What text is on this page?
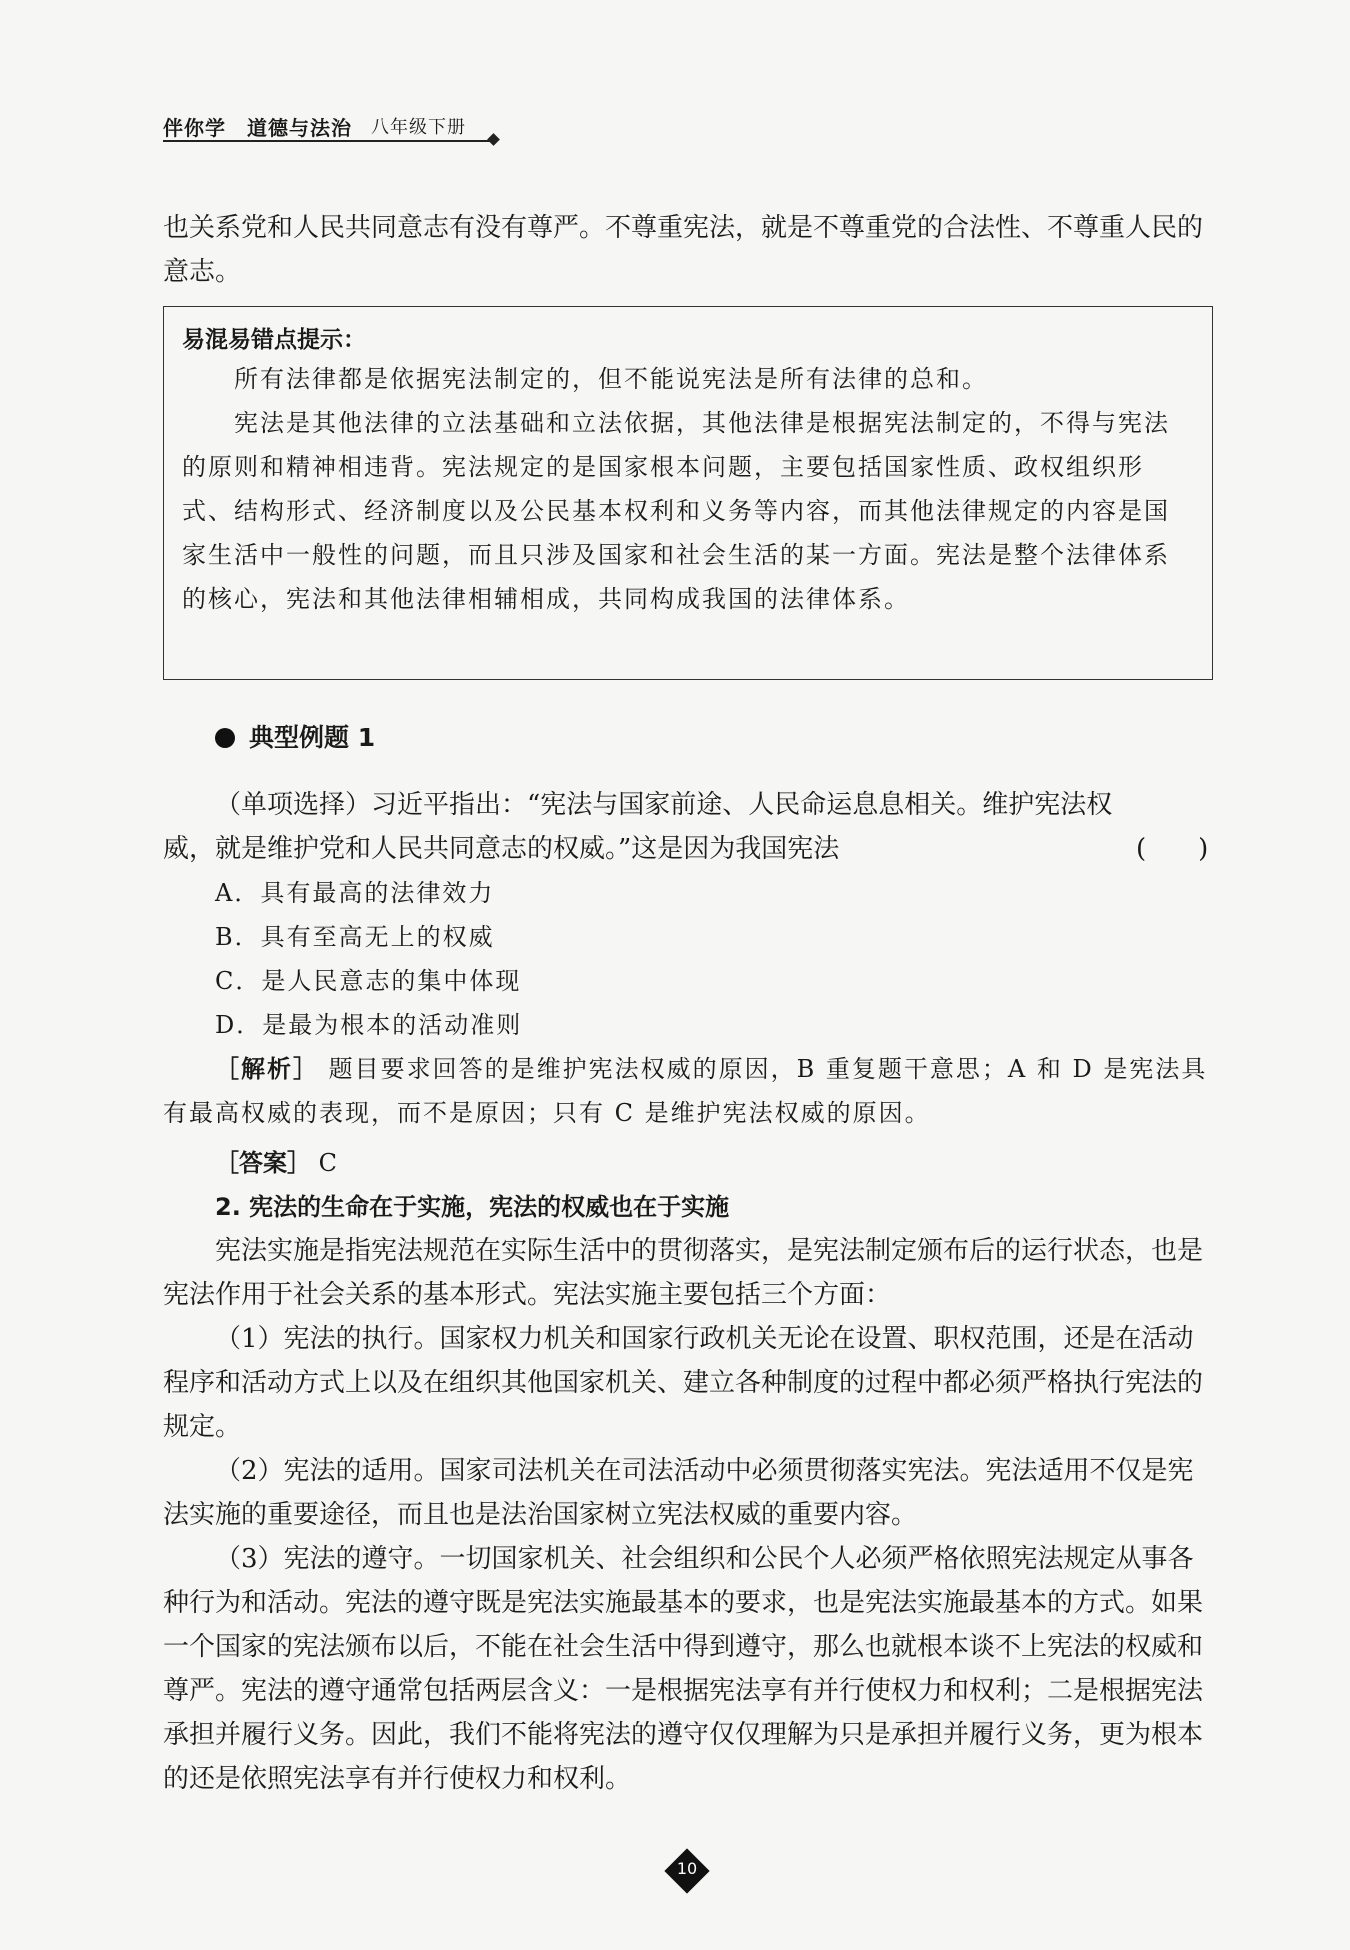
伴你学 道德与法治 八年级下册

也关系党和人民共同意志有没有尊严。不尊重宪法，就是不尊重党的合法性、不尊重人民的意志。

易混易错点提示：

所有法律都是依据宪法制定的，但不能说宪法是所有法律的总和。

宪法是其他法律的立法基础和立法依据，其他法律是根据宪法制定的，不得与宪法的原则和精神相违背。宪法规定的是国家根本问题，主要包括国家性质、政权组织形式、结构形式、经济制度以及公民基本权利和义务等内容，而其他法律规定的内容是国家生活中一般性的问题，而且只涉及国家和社会生活的某一方面。宪法是整个法律体系的核心，宪法和其他法律相辅相成，共同构成我国的法律体系。

典型例题 1

（单项选择）习近平指出：“宪法与国家前途、人民命运息息相关。维护宪法权威，就是维护党和人民共同意志的权威。”这是因为我国宪法	(　　)
A．具有最高的法律效力
B．具有至高无上的权威
C．是人民意志的集中体现
D．是最为根本的活动准则

［解析］ 题目要求回答的是维护宪法权威的原因，B 重复题干意思；A 和 D 是宪法具有最高权威的表现，而不是原因；只有 C 是维护宪法权威的原因。

［答案］ C
2. 宪法的生命在于实施，宪法的权威也在于实施

宪法实施是指宪法规范在实际生活中的贯彻落实，是宪法制定颁布后的运行状态，也是宪法作用于社会关系的基本形式。宪法实施主要包括三个方面：

（1）宪法的执行。国家权力机关和国家行政机关无论在设置、职权范围，还是在活动程序和活动方式上以及在组织其他国家机关、建立各种制度的过程中都必须严格执行宪法的规定。

（2）宪法的适用。国家司法机关在司法活动中必须贯彻落实宪法。宪法适用不仅是宪法实施的重要途径，而且也是法治国家树立宪法权威的重要内容。

（3）宪法的遵守。一切国家机关、社会组织和公民个人必须严格依照宪法规定从事各种行为和活动。宪法的遵守既是宪法实施最基本的要求，也是宪法实施最基本的方式。如果一个国家的宪法颁布以后，不能在社会生活中得到遵守，那么也就根本谈不上宪法的权威和尊严。宪法的遵守通常包括两层含义：一是根据宪法享有并行使权力和权利；二是根据宪法承担并履行义务。因此，我们不能将宪法的遵守仅仅理解为只是承担并履行义务，更为根本的还是依照宪法享有并行使权力和权利。

10
